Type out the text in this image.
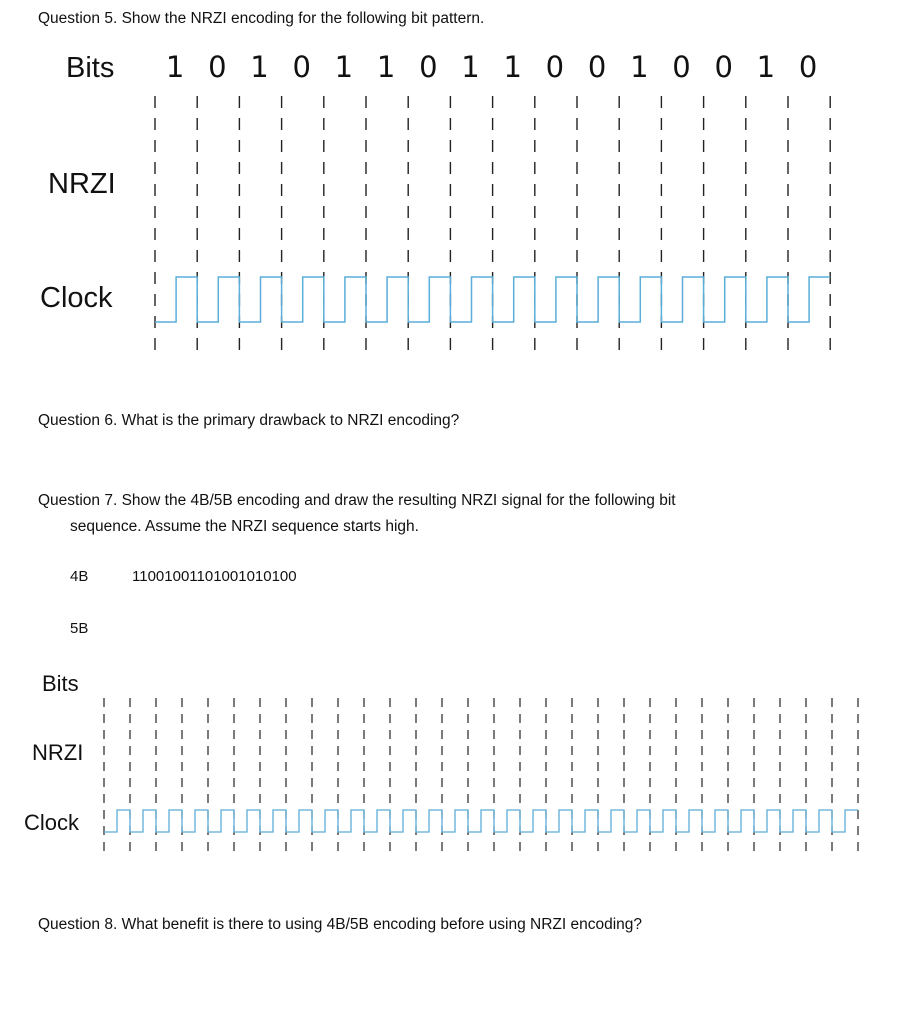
Question 5. Show the NRZI encoding for the following bit pattern.
Bits 1 0 1 0 1 1 0 1 1 0 0 1 0 0 1 0
NRZI
Clock
Question 6. What is the primary drawback to NRZI encoding?
Question 7. Show the 4B/5B encoding and draw the resulting NRZI signal for the following bit
sequence. Assume the NRZI sequence starts high.
4B	11001001101001010100
5B
Bits
NRZI
Clock
Question 8. What benefit is there to using 4B/5B encoding before using NRZI encoding?
